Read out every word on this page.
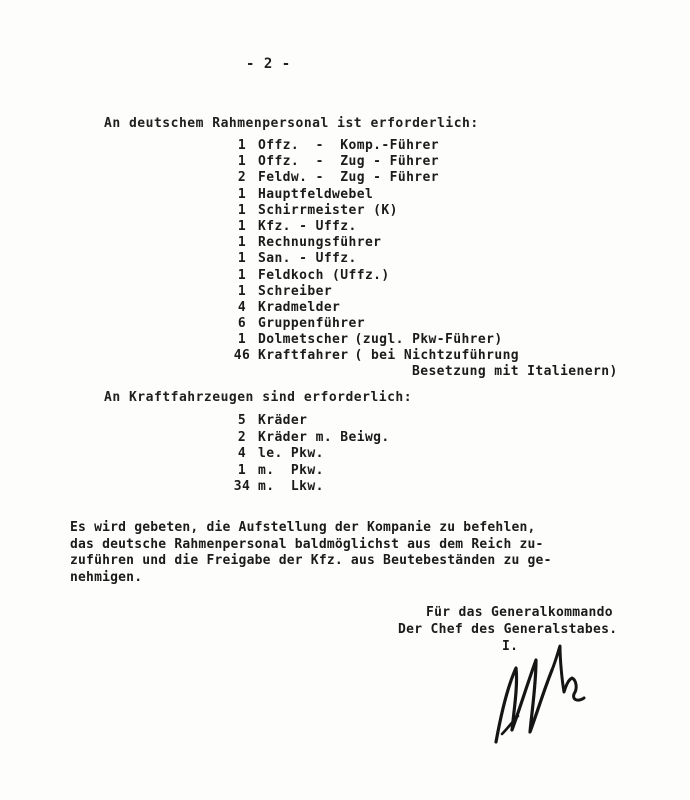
- 2 -
An deutschem Rahmenpersonal ist erforderlich:
1 Offz.  -  Komp.-Führer
1 Offz.  -  Zug - Führer
2 Feldw. -  Zug - Führer
1 Hauptfeldwebel
1 Schirrmeister (K)
1 Kfz. - Uffz.
1 Rechnungsführer
1 San. - Uffz.
1 Feldkoch (Uffz.)
1 Schreiber
4 Kradmelder
6 Gruppenführer
1 Dolmetscher (zugl. Pkw-Führer)
46 Kraftfahrer ( bei Nichtzuführung
Besetzung mit Italienern)
An Kraftfahrzeugen sind erforderlich:
5 Kräder
2 Kräder m. Beiwg.
4 le. Pkw.
1 m.  Pkw.
34 m.  Lkw.
Es wird gebeten, die Aufstellung der Kompanie zu befehlen,
das deutsche Rahmenpersonal baldmöglichst aus dem Reich zu-
zuführen und die Freigabe der Kfz. aus Beutebeständen zu ge-
nehmigen.
Für das Generalkommando
Der Chef des Generalstabes.
I.
